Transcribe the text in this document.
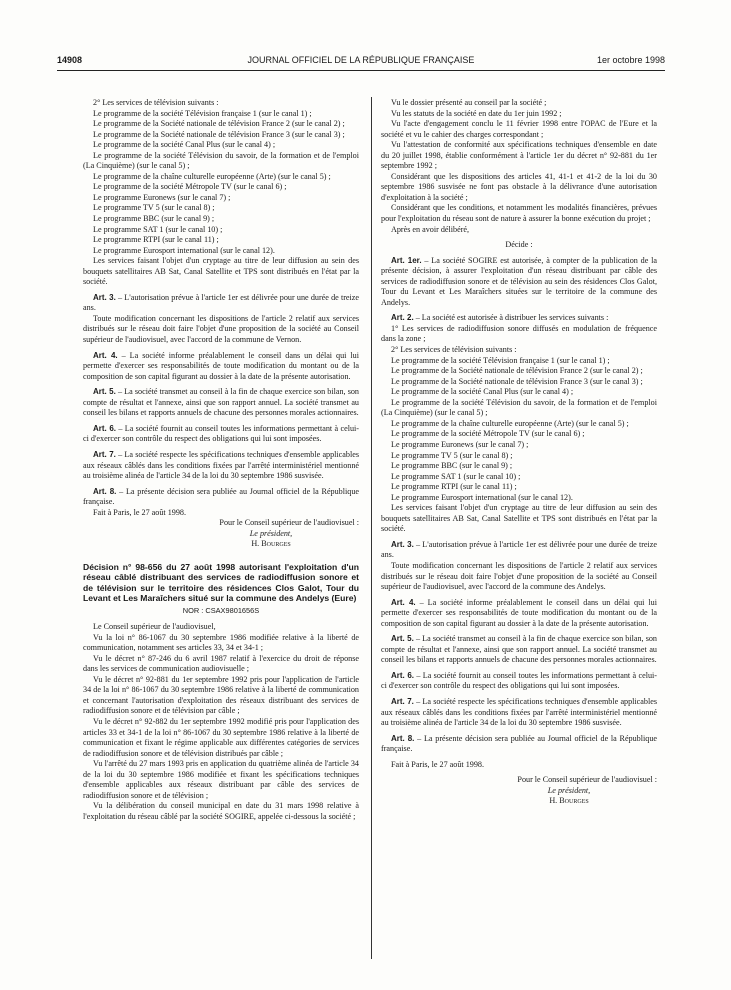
14908	JOURNAL OFFICIEL DE LA RÉPUBLIQUE FRANÇAISE	1er octobre 1998

2° Les services de télévision suivants :

Le programme de la société Télévision française 1 (sur le canal 1) ;

Le programme de la Société nationale de télévision France 2 (sur le canal 2) ;

Le programme de la Société nationale de télévision France 3 (sur le canal 3) ;

Le programme de la société Canal Plus (sur le canal 4) ;

Le programme de la société Télévision du savoir, de la formation et de l'emploi (La Cinquième) (sur le canal 5) ;

Le programme de la chaîne culturelle européenne (Arte) (sur le canal 5) ;

Le programme de la société Métropole TV (sur le canal 6) ;

Le programme Euronews (sur le canal 7) ;

Le programme TV 5 (sur le canal 8) ;

Le programme BBC (sur le canal 9) ;

Le programme SAT 1 (sur le canal 10) ;

Le programme RTPI (sur le canal 11) ;

Le programme Eurosport international (sur le canal 12).

Les services faisant l'objet d'un cryptage au titre de leur diffusion au sein des bouquets satellitaires AB Sat, Canal Satellite et TPS sont distribués en l'état par la société.

Art. 3. – L'autorisation prévue à l'article 1er est délivrée pour une durée de treize ans.

Toute modification concernant les dispositions de l'article 2 relatif aux services distribués sur le réseau doit faire l'objet d'une proposition de la société au Conseil supérieur de l'audiovisuel, avec l'accord de la commune de Vernon.

Art. 4. – La société informe préalablement le conseil dans un délai qui lui permette d'exercer ses responsabilités de toute modification du montant ou de la composition de son capital figurant au dossier à la date de la présente autorisation.

Art. 5. – La société transmet au conseil à la fin de chaque exercice son bilan, son compte de résultat et l'annexe, ainsi que son rapport annuel. La société transmet au conseil les bilans et rapports annuels de chacune des personnes morales actionnaires.

Art. 6. – La société fournit au conseil toutes les informations permettant à celui-ci d'exercer son contrôle du respect des obligations qui lui sont imposées.

Art. 7. – La société respecte les spécifications techniques d'ensemble applicables aux réseaux câblés dans les conditions fixées par l'arrêté interministériel mentionné au troisième alinéa de l'article 34 de la loi du 30 septembre 1986 susvisée.

Art. 8. – La présente décision sera publiée au Journal officiel de la République française.

Fait à Paris, le 27 août 1998.

Pour le Conseil supérieur de l'audiovisuel :

Le président,

H. Bourges

Décision n° 98-656 du 27 août 1998 autorisant l'exploitation d'un réseau câblé distribuant des services de radiodiffusion sonore et de télévision sur le territoire des résidences Clos Galot, Tour du Levant et Les Maraîchers situé sur la commune des Andelys (Eure)

NOR : CSAX9801656S

Le Conseil supérieur de l'audiovisuel,

Vu la loi n° 86-1067 du 30 septembre 1986 modifiée relative à la liberté de communication, notamment ses articles 33, 34 et 34-1 ;

Vu le décret n° 87-246 du 6 avril 1987 relatif à l'exercice du droit de réponse dans les services de communication audiovisuelle ;

Vu le décret n° 92-881 du 1er septembre 1992 pris pour l'application de l'article 34 de la loi n° 86-1067 du 30 septembre 1986 relative à la liberté de communication et concernant l'autorisation d'exploitation des réseaux distribuant des services de radiodiffusion sonore et de télévision par câble ;

Vu le décret n° 92-882 du 1er septembre 1992 modifié pris pour l'application des articles 33 et 34-1 de la loi n° 86-1067 du 30 septembre 1986 relative à la liberté de communication et fixant le régime applicable aux différentes catégories de services de radiodiffusion sonore et de télévision distribués par câble ;

Vu l'arrêté du 27 mars 1993 pris en application du quatrième alinéa de l'article 34 de la loi du 30 septembre 1986 modifiée et fixant les spécifications techniques d'ensemble applicables aux réseaux distribuant par câble des services de radiodiffusion sonore et de télévision ;

Vu la délibération du conseil municipal en date du 31 mars 1998 relative à l'exploitation du réseau câblé par la société SOGIRE, appelée ci-dessous la société ;

Vu le dossier présenté au conseil par la société ;

Vu les statuts de la société en date du 1er juin 1992 ;

Vu l'acte d'engagement conclu le 11 février 1998 entre l'OPAC de l'Eure et la société et vu le cahier des charges correspondant ;

Vu l'attestation de conformité aux spécifications techniques d'ensemble en date du 20 juillet 1998, établie conformément à l'article 1er du décret n° 92-881 du 1er septembre 1992 ;

Considérant que les dispositions des articles 41, 41-1 et 41-2 de la loi du 30 septembre 1986 susvisée ne font pas obstacle à la délivrance d'une autorisation d'exploitation à la société ;

Considérant que les conditions, et notamment les modalités financières, prévues pour l'exploitation du réseau sont de nature à assurer la bonne exécution du projet ;

Après en avoir délibéré,

Décide :

Art. 1er. – La société SOGIRE est autorisée, à compter de la publication de la présente décision, à assurer l'exploitation d'un réseau distribuant par câble des services de radiodiffusion sonore et de télévision au sein des résidences Clos Galot, Tour du Levant et Les Maraîchers situées sur le territoire de la commune des Andelys.

Art. 2. – La société est autorisée à distribuer les services suivants :

1° Les services de radiodiffusion sonore diffusés en modulation de fréquence dans la zone ;

2° Les services de télévision suivants :

Le programme de la société Télévision française 1 (sur le canal 1) ;

Le programme de la Société nationale de télévision France 2 (sur le canal 2) ;

Le programme de la Société nationale de télévision France 3 (sur le canal 3) ;

Le programme de la société Canal Plus (sur le canal 4) ;

Le programme de la société Télévision du savoir, de la formation et de l'emploi (La Cinquième) (sur le canal 5) ;

Le programme de la chaîne culturelle européenne (Arte) (sur le canal 5) ;

Le programme de la société Métropole TV (sur le canal 6) ;

Le programme Euronews (sur le canal 7) ;

Le programme TV 5 (sur le canal 8) ;

Le programme BBC (sur le canal 9) ;

Le programme SAT 1 (sur le canal 10) ;

Le programme RTPI (sur le canal 11) ;

Le programme Eurosport international (sur le canal 12).

Les services faisant l'objet d'un cryptage au titre de leur diffusion au sein des bouquets satellitaires AB Sat, Canal Satellite et TPS sont distribués en l'état par la société.

Art. 3. – L'autorisation prévue à l'article 1er est délivrée pour une durée de treize ans.

Toute modification concernant les dispositions de l'article 2 relatif aux services distribués sur le réseau doit faire l'objet d'une proposition de la société au Conseil supérieur de l'audiovisuel, avec l'accord de la commune des Andelys.

Art. 4. – La société informe préalablement le conseil dans un délai qui lui permette d'exercer ses responsabilités de toute modification du montant ou de la composition de son capital figurant au dossier à la date de la présente autorisation.

Art. 5. – La société transmet au conseil à la fin de chaque exercice son bilan, son compte de résultat et l'annexe, ainsi que son rapport annuel. La société transmet au conseil les bilans et rapports annuels de chacune des personnes morales actionnaires.

Art. 6. – La société fournit au conseil toutes les informations permettant à celui-ci d'exercer son contrôle du respect des obligations qui lui sont imposées.

Art. 7. – La société respecte les spécifications techniques d'ensemble applicables aux réseaux câblés dans les conditions fixées par l'arrêté interministériel mentionné au troisième alinéa de l'article 34 de la loi du 30 septembre 1986 susvisée.

Art. 8. – La présente décision sera publiée au Journal officiel de la République française.

Fait à Paris, le 27 août 1998.

Pour le Conseil supérieur de l'audiovisuel :

Le président,

H. Bourges
